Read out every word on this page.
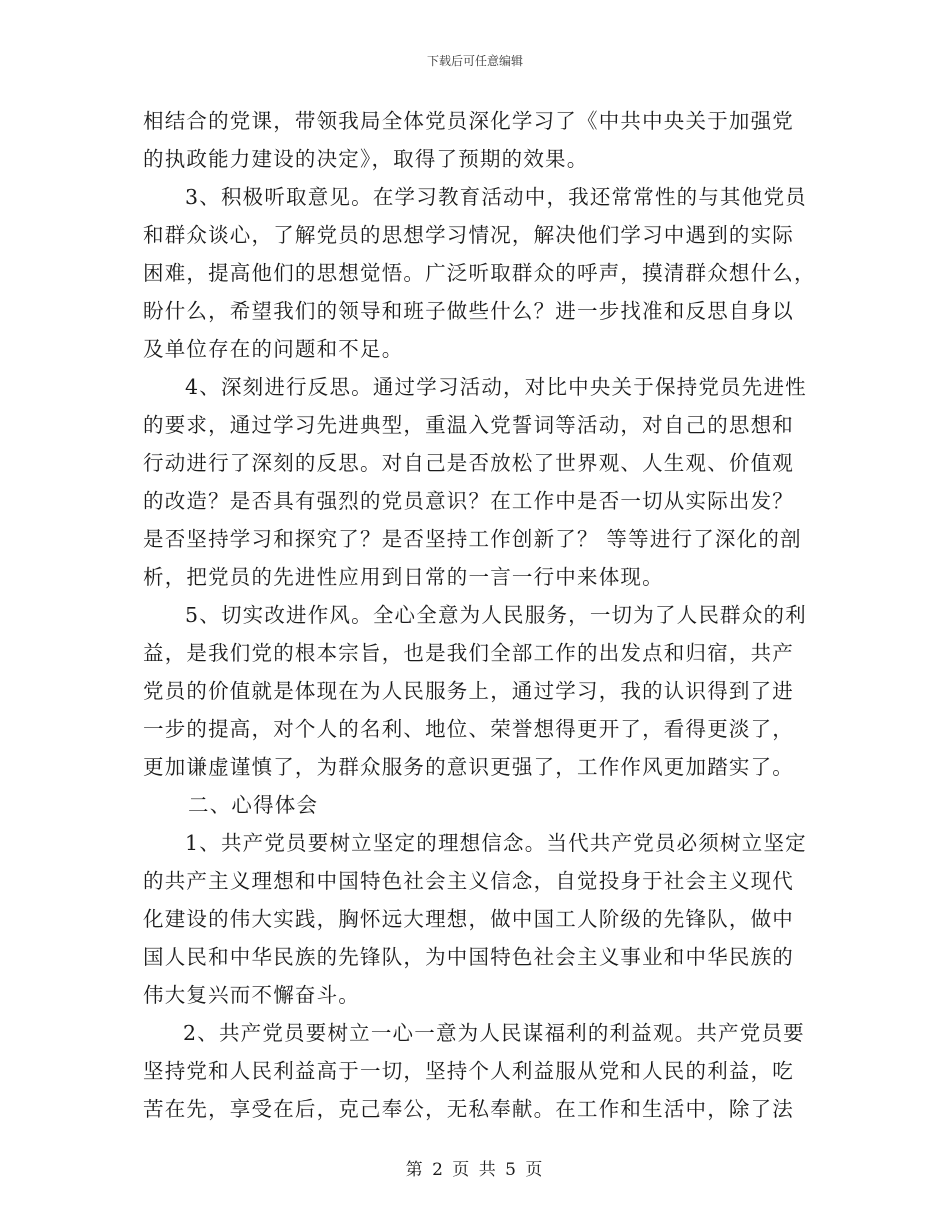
下载后可任意编辑
相结合的党课，带领我局全体党员深化学习了《中共中央关于加强党
的执政能力建设的决定》，取得了预期的效果。
3、积极听取意见。在学习教育活动中，我还常常性的与其他党员
和群众谈心，了解党员的思想学习情况，解决他们学习中遇到的实际
困难，提高他们的思想觉悟。广泛听取群众的呼声，摸清群众想什么，
盼什么，希望我们的领导和班子做些什么？进一步找准和反思自身以
及单位存在的问题和不足。
4、深刻进行反思。通过学习活动，对比中央关于保持党员先进性
的要求，通过学习先进典型，重温入党誓词等活动，对自己的思想和
行动进行了深刻的反思。对自己是否放松了世界观、人生观、价值观
的改造？是否具有强烈的党员意识？在工作中是否一切从实际出发？
是否坚持学习和探究了？是否坚持工作创新了？ 等等进行了深化的剖
析，把党员的先进性应用到日常的一言一行中来体现。
5、切实改进作风。全心全意为人民服务，一切为了人民群众的利
益，是我们党的根本宗旨，也是我们全部工作的出发点和归宿，共产
党员的价值就是体现在为人民服务上，通过学习，我的认识得到了进
一步的提高，对个人的名利、地位、荣誉想得更开了，看得更淡了，
更加谦虚谨慎了，为群众服务的意识更强了，工作作风更加踏实了。
二、心得体会
1、共产党员要树立坚定的理想信念。当代共产党员必须树立坚定
的共产主义理想和中国特色社会主义信念，自觉投身于社会主义现代
化建设的伟大实践，胸怀远大理想，做中国工人阶级的先锋队，做中
国人民和中华民族的先锋队，为中国特色社会主义事业和中华民族的
伟大复兴而不懈奋斗。
2、共产党员要树立一心一意为人民谋福利的利益观。共产党员要
坚持党和人民利益高于一切，坚持个人利益服从党和人民的利益，吃
苦在先，享受在后，克己奉公，无私奉献。在工作和生活中，除了法
第 2 页 共 5 页
